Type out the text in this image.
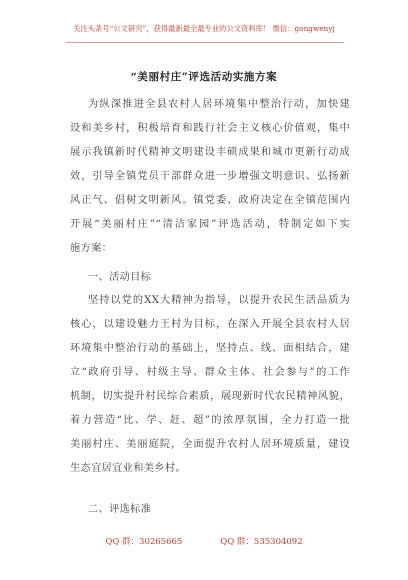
关注头条号“公文研究”，获得最新最全最专业的公文资料库！ 微信：gongwenyj
“美丽村庄”评选活动实施方案
为纵深推进全县农村人居环境集中整治行动，加快建
设和美乡村，积极培育和践行社会主义核心价值观，集中
展示我镇新时代精神文明建设丰硕成果和城市更新行动成
效，引导全镇党员干部群众进一步增强文明意识、弘扬新
风正气、倡树文明新风。镇党委、政府决定在全镇范围内
开展“美丽村庄”“清洁家园”评选活动，特制定如下实
施方案：
一、活动目标
坚持以党的XX大精神为指导，以提升农民生活品质为
核心，以建设魅力王村为目标，在深入开展全县农村人居
环境集中整治行动的基础上，坚持点、线、面相结合，建
立“政府引导、村级主导、群众主体、社会参与”的工作
机制，切实提升村民综合素质，展现新时代农民精神风貌，
着力营造“比、学、赶、超”的浓厚氛围，全力打造一批
美丽村庄、美丽庭院，全面提升农村人居环境质量，建设
生态宜居宜业和美乡村。
二、评选标准
QQ 群：30265665	QQ 群：535304092
